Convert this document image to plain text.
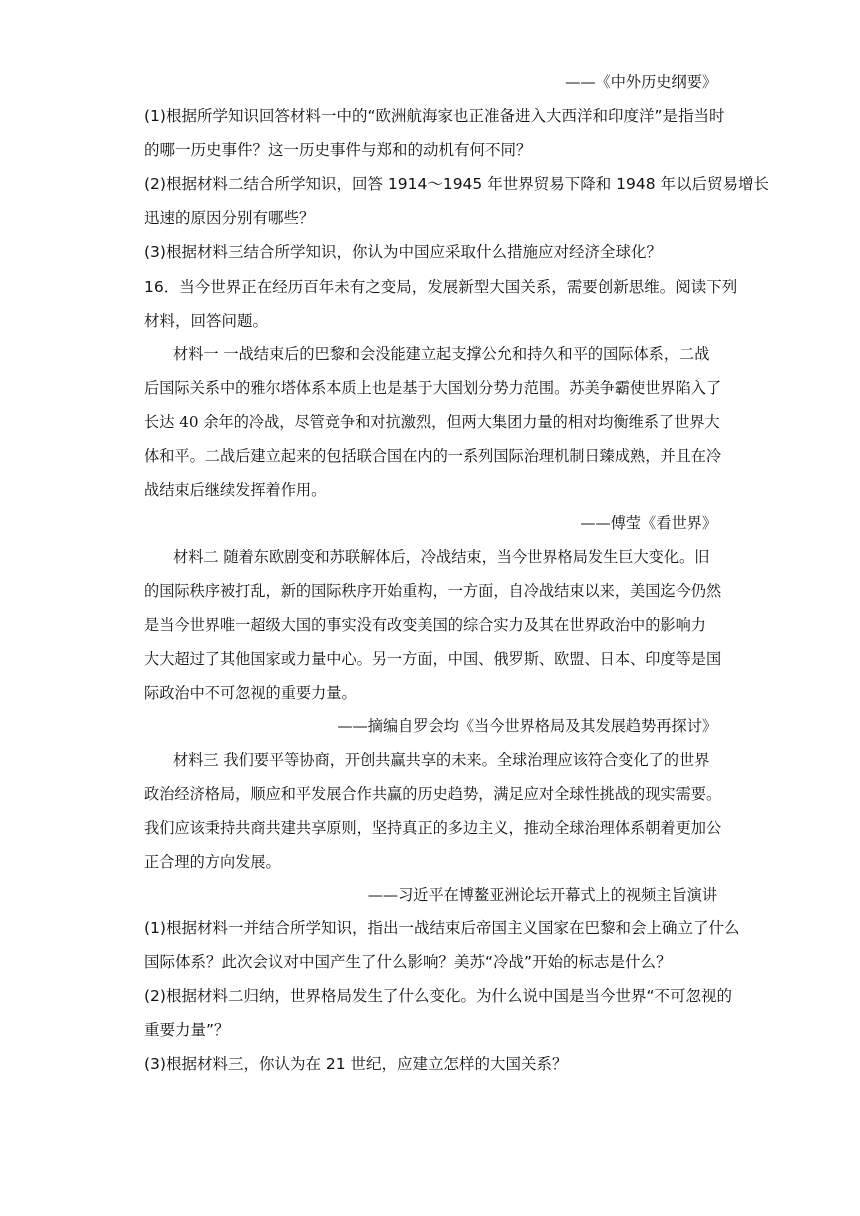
——《中外历史纲要》
(1)根据所学知识回答材料一中的“欧洲航海家也正准备进入大西洋和印度洋”是指当时
的哪一历史事件？这一历史事件与郑和的动机有何不同？
(2)根据材料二结合所学知识，回答 1914～1945 年世界贸易下降和 1948 年以后贸易增长
迅速的原因分别有哪些？
(3)根据材料三结合所学知识，你认为中国应采取什么措施应对经济全球化？
16．当今世界正在经历百年未有之变局，发展新型大国关系，需要创新思维。阅读下列
材料，回答问题。
材料一 一战结束后的巴黎和会没能建立起支撑公允和持久和平的国际体系，二战
后国际关系中的雅尔塔体系本质上也是基于大国划分势力范围。苏美争霸使世界陷入了
长达 40 余年的冷战，尽管竞争和对抗激烈，但两大集团力量的相对均衡维系了世界大
体和平。二战后建立起来的包括联合国在内的一系列国际治理机制日臻成熟，并且在冷
战结束后继续发挥着作用。
——傅莹《看世界》
材料二 随着东欧剧变和苏联解体后，冷战结束，当今世界格局发生巨大变化。旧
的国际秩序被打乱，新的国际秩序开始重构，一方面，自冷战结束以来，美国迄今仍然
是当今世界唯一超级大国的事实没有改变美国的综合实力及其在世界政治中的影响力
大大超过了其他国家或力量中心。另一方面，中国、俄罗斯、欧盟、日本、印度等是国
际政治中不可忽视的重要力量。
——摘编自罗会均《当今世界格局及其发展趋势再探讨》
材料三 我们要平等协商，开创共赢共享的未来。全球治理应该符合变化了的世界
政治经济格局，顺应和平发展合作共赢的历史趋势，满足应对全球性挑战的现实需要。
我们应该秉持共商共建共享原则，坚持真正的多边主义，推动全球治理体系朝着更加公
正合理的方向发展。
——习近平在博鳌亚洲论坛开幕式上的视频主旨演讲
(1)根据材料一并结合所学知识，指出一战结束后帝国主义国家在巴黎和会上确立了什么
国际体系？此次会议对中国产生了什么影响？美苏“冷战”开始的标志是什么？
(2)根据材料二归纳，世界格局发生了什么变化。为什么说中国是当今世界“不可忽视的
重要力量”？
(3)根据材料三，你认为在 21 世纪，应建立怎样的大国关系？
